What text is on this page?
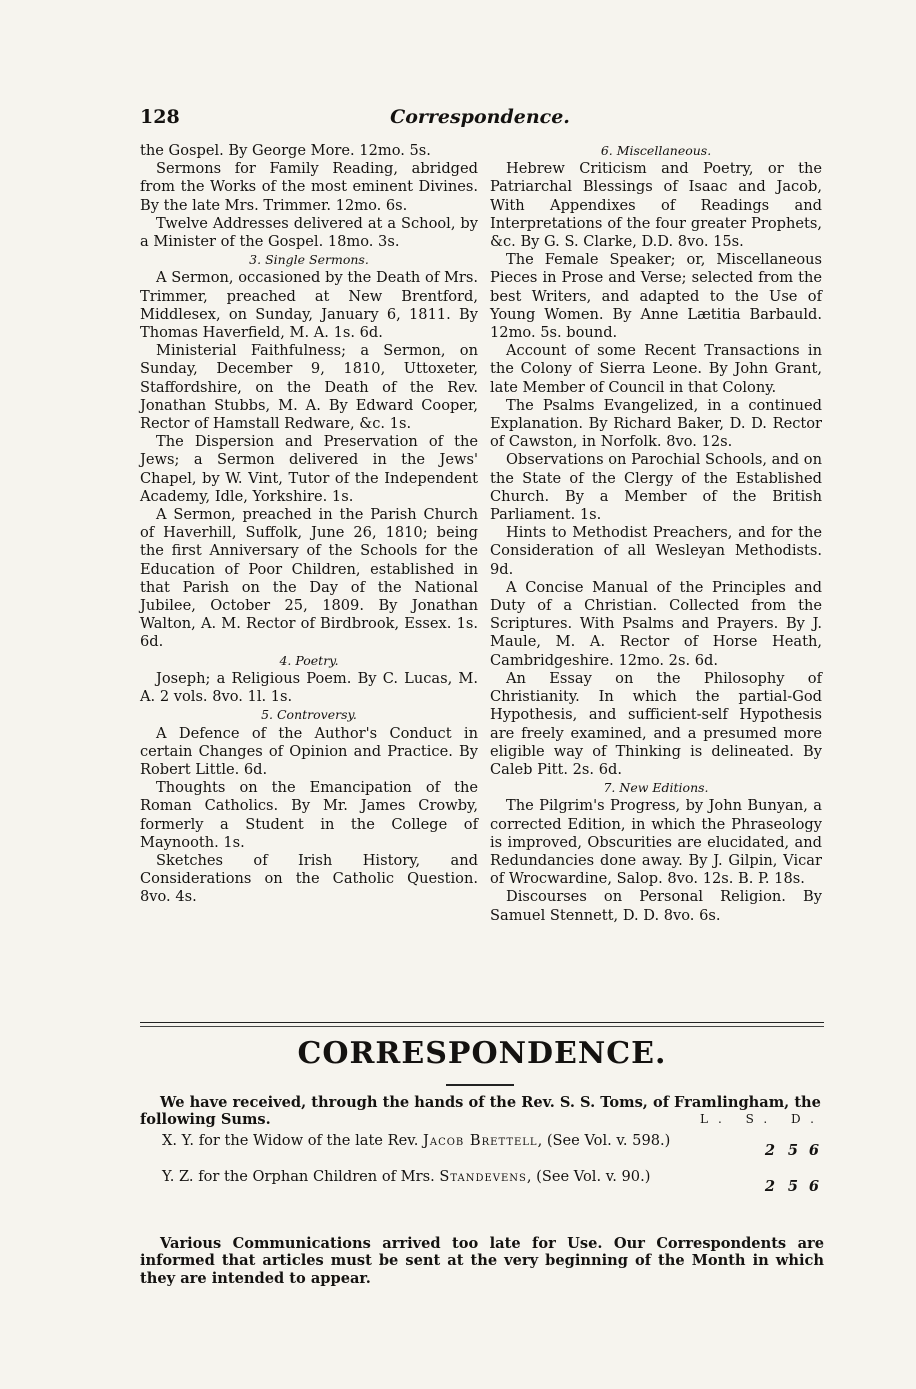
128	Correspondence.

the Gospel. By George More. 12mo. 5s.

Sermons for Family Reading, abridged from the Works of the most eminent Divines. By the late Mrs. Trimmer. 12mo. 6s.

Twelve Addresses delivered at a School, by a Minister of the Gospel. 18mo. 3s.

3. Single Sermons.

A Sermon, occasioned by the Death of Mrs. Trimmer, preached at New Brentford, Middlesex, on Sunday, January 6, 1811. By Thomas Haverfield, M. A. 1s. 6d.

Ministerial Faithfulness; a Sermon, on Sunday, December 9, 1810, Uttoxeter, Staffordshire, on the Death of the Rev. Jonathan Stubbs, M. A. By Edward Cooper, Rector of Hamstall Redware, &c. 1s.

The Dispersion and Preservation of the Jews; a Sermon delivered in the Jews' Chapel, by W. Vint, Tutor of the Independent Academy, Idle, Yorkshire. 1s.

A Sermon, preached in the Parish Church of Haverhill, Suffolk, June 26, 1810; being the first Anniversary of the Schools for the Education of Poor Children, established in that Parish on the Day of the National Jubilee, October 25, 1809. By Jonathan Walton, A. M. Rector of Birdbrook, Essex. 1s. 6d.

4. Poetry.

Joseph; a Religious Poem. By C. Lucas, M. A. 2 vols. 8vo. 1l. 1s.

5. Controversy.

A Defence of the Author's Conduct in certain Changes of Opinion and Practice. By Robert Little. 6d.

Thoughts on the Emancipation of the Roman Catholics. By Mr. James Crowby, formerly a Student in the College of Maynooth. 1s.

Sketches of Irish History, and Considerations on the Catholic Question. 8vo. 4s.

6. Miscellaneous.

Hebrew Criticism and Poetry, or the Patriarchal Blessings of Isaac and Jacob, With Appendixes of Readings and Interpretations of the four greater Prophets, &c. By G. S. Clarke, D.D. 8vo. 15s.

The Female Speaker; or, Miscellaneous Pieces in Prose and Verse; selected from the best Writers, and adapted to the Use of Young Women. By Anne Lætitia Barbauld. 12mo. 5s. bound.

Account of some Recent Transactions in the Colony of Sierra Leone. By John Grant, late Member of Council in that Colony.

The Psalms Evangelized, in a continued Explanation. By Richard Baker, D. D. Rector of Cawston, in Norfolk. 8vo. 12s.

Observations on Parochial Schools, and on the State of the Clergy of the Established Church. By a Member of the British Parliament. 1s.

Hints to Methodist Preachers, and for the Consideration of all Wesleyan Methodists. 9d.

A Concise Manual of the Principles and Duty of a Christian. Collected from the Scriptures. With Psalms and Prayers. By J. Maule, M. A. Rector of Horse Heath, Cambridgeshire. 12mo. 2s. 6d.

An Essay on the Philosophy of Christianity. In which the partial-God Hypothesis, and sufficient-self Hypothesis are freely examined, and a presumed more eligible way of Thinking is delineated. By Caleb Pitt. 2s. 6d.

7. New Editions.

The Pilgrim's Progress, by John Bunyan, a corrected Edition, in which the Phraseology is improved, Obscurities are elucidated, and Redundancies done away. By J. Gilpin, Vicar of Wrocwardine, Salop. 8vo. 12s. B. P. 18s.

Discourses on Personal Religion. By Samuel Stennett, D. D. 8vo. 6s.

CORRESPONDENCE.

We have received, through the hands of the Rev. S. S. Toms, of Framlingham, the following Sums.	L. S. D.
X. Y. for the Widow of the late Rev. Jacob Brettell, (See Vol. v. 598.)
2 5 6
Y. Z. for the Orphan Children of Mrs. Standevens, (See Vol. v. 90.)
2 5 6

Various Communications arrived too late for Use. Our Correspondents are informed that articles must be sent at the very beginning of the Month in which they are intended to appear.
